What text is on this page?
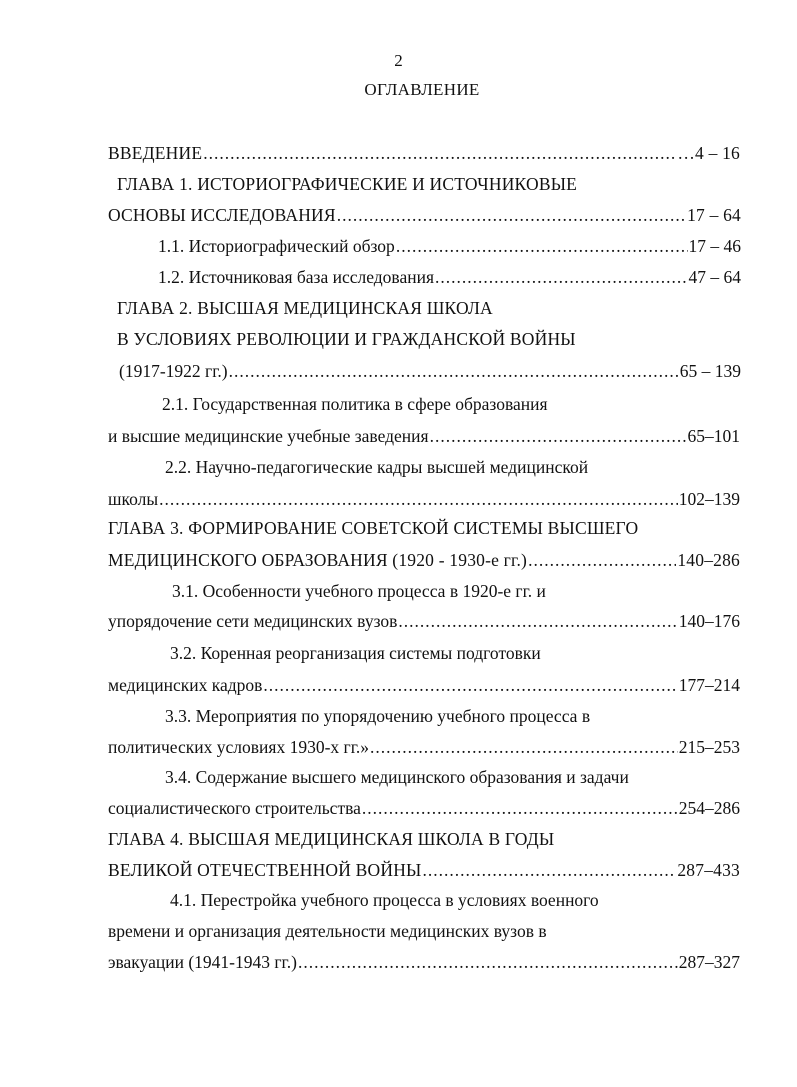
2
ОГЛАВЛЕНИЕ
ВВЕДЕНИЕ .....	…4 – 16
ГЛАВА 1. ИСТОРИОГРАФИЧЕСКИЕ И ИСТОЧНИКОВЫЕ
ОСНОВЫ ИССЛЕДОВАНИЯ .....	17 – 64
1.1. Историографический обзор .....	17 – 46
1.2. Источниковая база исследования .....	47 – 64
ГЛАВА 2. ВЫСШАЯ МЕДИЦИНСКАЯ ШКОЛА
В УСЛОВИЯХ РЕВОЛЮЦИИ И ГРАЖДАНСКОЙ ВОЙНЫ
(1917-1922 гг.) .....	65 – 139
2.1. Государственная политика в сфере образования
и высшие медицинские учебные заведения .....	65–101
2.2. Научно-педагогические кадры высшей медицинской
школы .....	102–139
ГЛАВА 3. ФОРМИРОВАНИЕ СОВЕТСКОЙ СИСТЕМЫ ВЫСШЕГО
МЕДИЦИНСКОГО ОБРАЗОВАНИЯ (1920 - 1930-е гг.) .....	140–286
3.1. Особенности учебного процесса в 1920-е гг. и
упорядочение сети медицинских вузов .....	140–176
3.2. Коренная реорганизация системы подготовки
медицинских кадров .....	177–214
3.3. Мероприятия по упорядочению учебного процесса в
политических условиях 1930-х гг.» .....	215–253
3.4. Содержание высшего медицинского образования и задачи
социалистического строительства .....	254–286
ГЛАВА 4. ВЫСШАЯ МЕДИЦИНСКАЯ ШКОЛА В ГОДЫ
ВЕЛИКОЙ ОТЕЧЕСТВЕННОЙ ВОЙНЫ .....	287–433
4.1. Перестройка учебного процесса в условиях военного
времени и организация деятельности медицинских вузов в
эвакуации (1941-1943 гг.) .....	287–327
